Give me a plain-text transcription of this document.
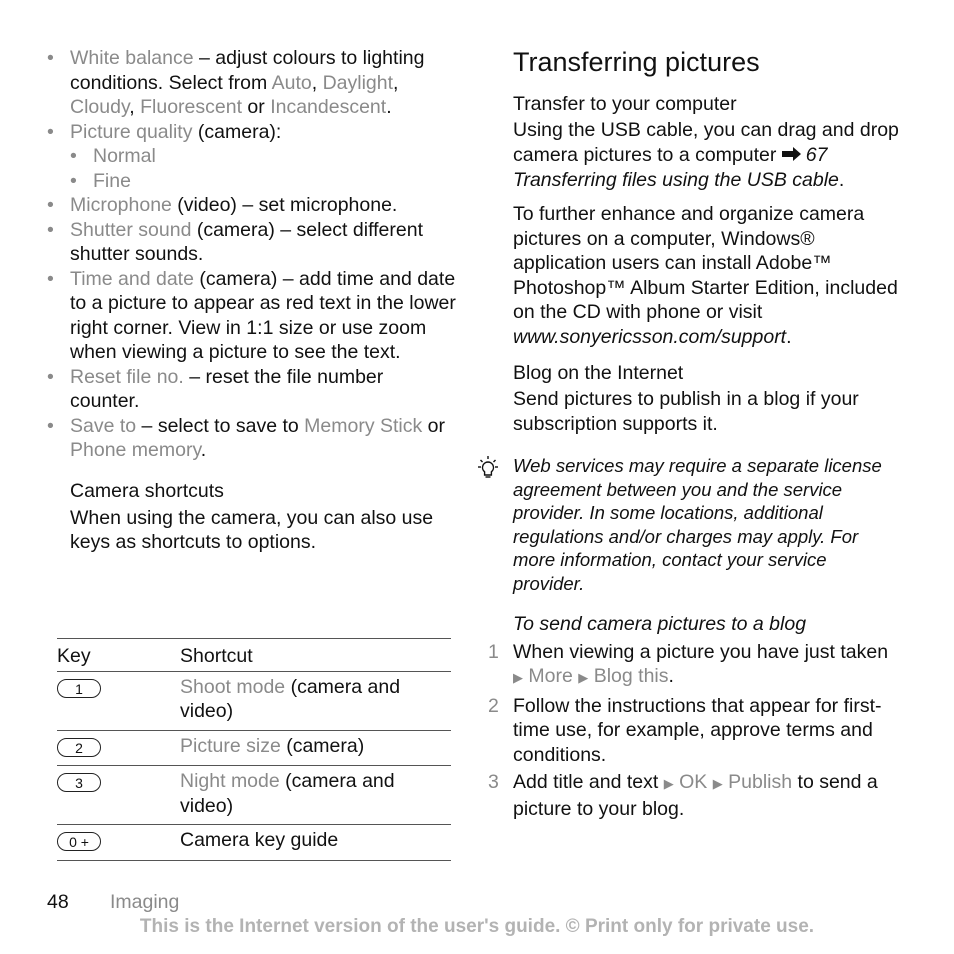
• White balance – adjust colours to lighting conditions. Select from Auto, Daylight, Cloudy, Fluorescent or Incandescent.
• Picture quality (camera):
• Normal
• Fine
• Microphone (video) – set microphone.
• Shutter sound (camera) – select different shutter sounds.
• Time and date (camera) – add time and date to a picture to appear as red text in the lower right corner. View in 1:1 size or use zoom when viewing a picture to see the text.
• Reset file no. – reset the file number counter.
• Save to – select to save to Memory Stick or Phone memory.

Camera shortcuts

When using the camera, you can also use keys as shortcuts to options.

Key	Shortcut
1	Shoot mode (camera and video)
2	Picture size (camera)
3	Night mode (camera and video)
0 +	Camera key guide
Transferring pictures

Transfer to your computer

Using the USB cable, you can drag and drop camera pictures to a computer 67 Transferring files using the USB cable.

To further enhance and organize camera pictures on a computer, Windows® application users can install Adobe™ Photoshop™ Album Starter Edition, included on the CD with phone or visit www.sonyericsson.com/support.

Blog on the Internet

Send pictures to publish in a blog if your subscription supports it.

Web services may require a separate license agreement between you and the service provider. In some locations, additional regulations and/or charges may apply. For more information, contact your service provider.

To send camera pictures to a blog

1 When viewing a picture you have just taken ▶ More ▶ Blog this.
2 Follow the instructions that appear for first-time use, for example, approve terms and conditions.
3 Add title and text ▶ OK ▶ Publish to send a picture to your blog.
48 Imaging
This is the Internet version of the user's guide. © Print only for private use.
